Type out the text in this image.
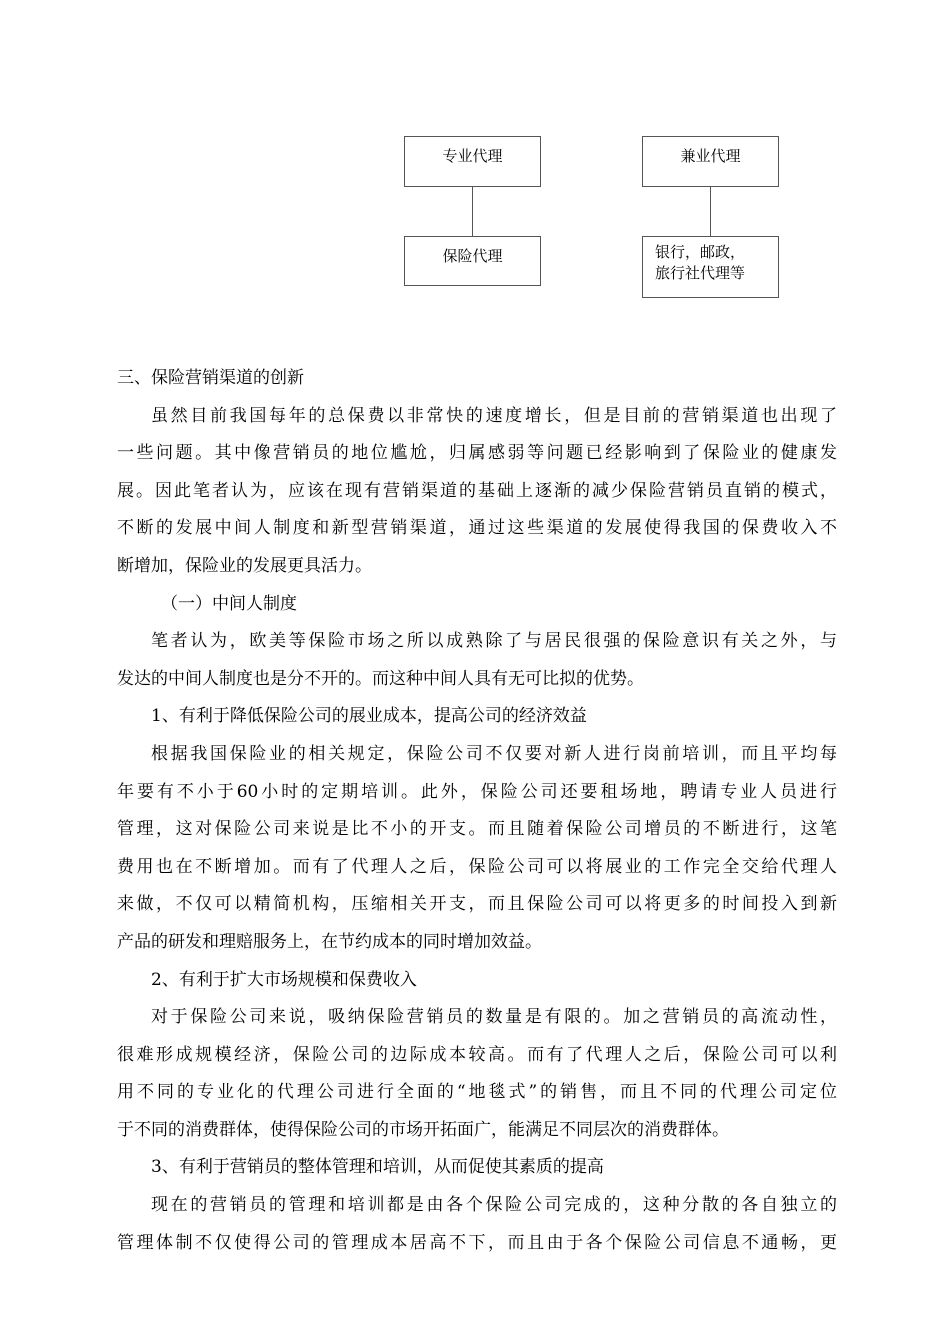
专业代理
保险代理
兼业代理
银行，邮政，
旅行社代理等

三、保险营销渠道的创新

虽然目前我国每年的总保费以非常快的速度增长，但是目前的营销渠道也出现了

一些问题。其中像营销员的地位尴尬，归属感弱等问题已经影响到了保险业的健康发

展。因此笔者认为，应该在现有营销渠道的基础上逐渐的减少保险营销员直销的模式，

不断的发展中间人制度和新型营销渠道，通过这些渠道的发展使得我国的保费收入不

断增加，保险业的发展更具活力。

（一）中间人制度

笔者认为，欧美等保险市场之所以成熟除了与居民很强的保险意识有关之外，与

发达的中间人制度也是分不开的。而这种中间人具有无可比拟的优势。

1、有利于降低保险公司的展业成本，提高公司的经济效益

根据我国保险业的相关规定，保险公司不仅要对新人进行岗前培训，而且平均每

年要有不小于60小时的定期培训。此外，保险公司还要租场地，聘请专业人员进行

管理，这对保险公司来说是比不小的开支。而且随着保险公司增员的不断进行，这笔

费用也在不断增加。而有了代理人之后，保险公司可以将展业的工作完全交给代理人

来做，不仅可以精简机构，压缩相关开支，而且保险公司可以将更多的时间投入到新

产品的研发和理赔服务上，在节约成本的同时增加效益。

2、有利于扩大市场规模和保费收入

对于保险公司来说，吸纳保险营销员的数量是有限的。加之营销员的高流动性，

很难形成规模经济，保险公司的边际成本较高。而有了代理人之后，保险公司可以利

用不同的专业化的代理公司进行全面的“地毯式”的销售，而且不同的代理公司定位

于不同的消费群体，使得保险公司的市场开拓面广，能满足不同层次的消费群体。

3、有利于营销员的整体管理和培训，从而促使其素质的提高

现在的营销员的管理和培训都是由各个保险公司完成的，这种分散的各自独立的

管理体制不仅使得公司的管理成本居高不下，而且由于各个保险公司信息不通畅，更
